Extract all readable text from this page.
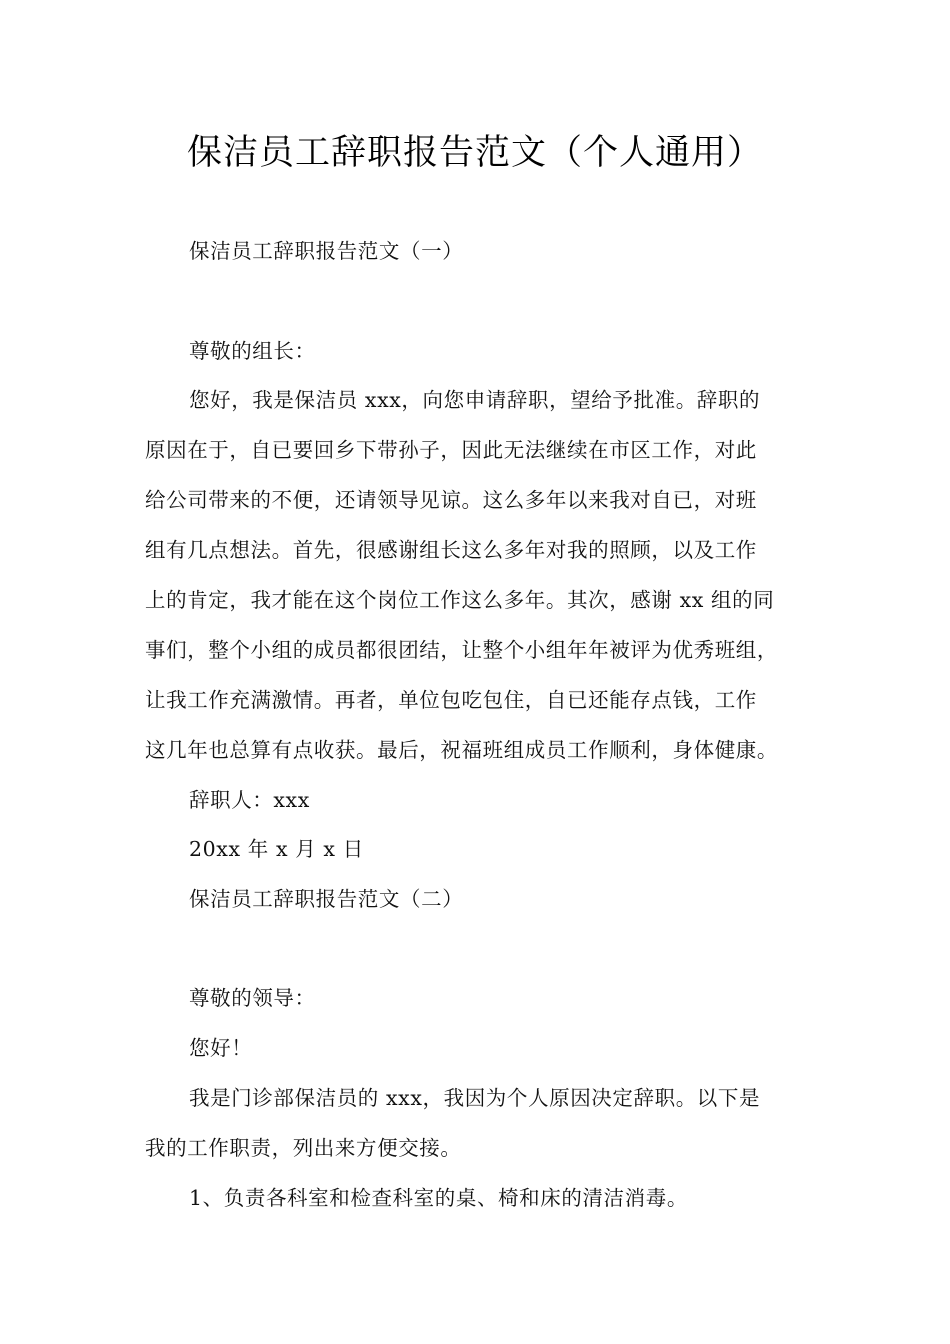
保洁员工辞职报告范文（个人通用）
保洁员工辞职报告范文（一）
尊敬的组长：
您好，我是保洁员 xxx，向您申请辞职，望给予批准。辞职的
原因在于，自已要回乡下带孙子，因此无法继续在市区工作，对此
给公司带来的不便，还请领导见谅。这么多年以来我对自已，对班
组有几点想法。首先，很感谢组长这么多年对我的照顾，以及工作
上的肯定，我才能在这个岗位工作这么多年。其次，感谢 xx 组的同
事们，整个小组的成员都很团结，让整个小组年年被评为优秀班组，
让我工作充满激情。再者，单位包吃包住，自已还能存点钱，工作
这几年也总算有点收获。最后，祝福班组成员工作顺利，身体健康。
辞职人：xxx
20xx 年 x 月 x 日
保洁员工辞职报告范文（二）
尊敬的领导：
您好！
我是门诊部保洁员的 xxx，我因为个人原因决定辞职。以下是
我的工作职责，列出来方便交接。
1、负责各科室和检查科室的桌、椅和床的清洁消毒。
